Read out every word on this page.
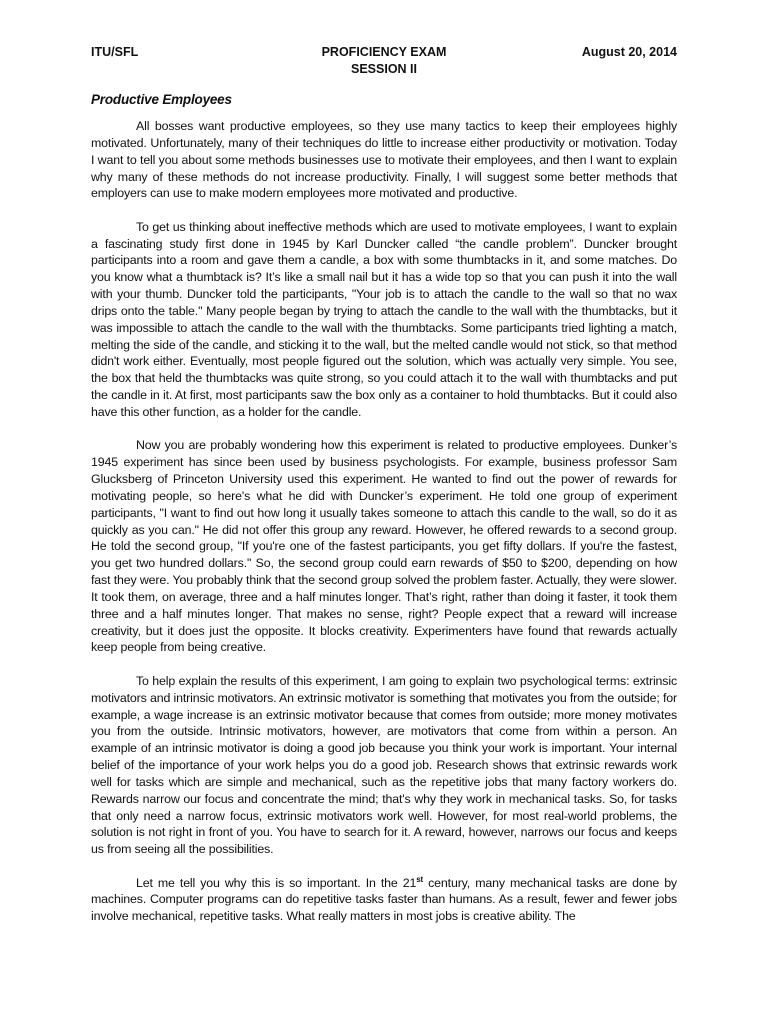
ITU/SFL	PROFICIENCY EXAM
SESSION II
August 20, 2014
Productive Employees

All bosses want productive employees, so they use many tactics to keep their employees highly motivated. Unfortunately, many of their techniques do little to increase either productivity or motivation. Today I want to tell you about some methods businesses use to motivate their employees, and then I want to explain why many of these methods do not increase productivity. Finally, I will suggest some better methods that employers can use to make modern employees more motivated and productive.

To get us thinking about ineffective methods which are used to motivate employees, I want to explain a fascinating study first done in 1945 by Karl Duncker called “the candle problem”. Duncker brought participants into a room and gave them a candle, a box with some thumbtacks in it, and some matches. Do you know what a thumbtack is? It’s like a small nail but it has a wide top so that you can push it into the wall with your thumb. Duncker told the participants, "Your job is to attach the candle to the wall so that no wax drips onto the table." Many people began by trying to attach the candle to the wall with the thumbtacks, but it was impossible to attach the candle to the wall with the thumbtacks. Some participants tried lighting a match, melting the side of the candle, and sticking it to the wall, but the melted candle would not stick, so that method didn't work either. Eventually, most people figured out the solution, which was actually very simple. You see, the box that held the thumbtacks was quite strong, so you could attach it to the wall with thumbtacks and put the candle in it. At first, most participants saw the box only as a container to hold thumbtacks. But it could also have this other function, as a holder for the candle.

Now you are probably wondering how this experiment is related to productive employees. Dunker’s 1945 experiment has since been used by business psychologists. For example, business professor Sam Glucksberg of Princeton University used this experiment. He wanted to find out the power of rewards for motivating people, so here's what he did with Duncker’s experiment. He told one group of experiment participants, "I want to find out how long it usually takes someone to attach this candle to the wall, so do it as quickly as you can." He did not offer this group any reward. However, he offered rewards to a second group. He told the second group, "If you're one of the fastest participants, you get fifty dollars. If you're the fastest, you get two hundred dollars." So, the second group could earn rewards of $50 to $200, depending on how fast they were. You probably think that the second group solved the problem faster. Actually, they were slower. It took them, on average, three and a half minutes longer. That’s right, rather than doing it faster, it took them three and a half minutes longer. That makes no sense, right? People expect that a reward will increase creativity, but it does just the opposite. It blocks creativity. Experimenters have found that rewards actually keep people from being creative.

To help explain the results of this experiment, I am going to explain two psychological terms: extrinsic motivators and intrinsic motivators. An extrinsic motivator is something that motivates you from the outside; for example, a wage increase is an extrinsic motivator because that comes from outside; more money motivates you from the outside. Intrinsic motivators, however, are motivators that come from within a person. An example of an intrinsic motivator is doing a good job because you think your work is important. Your internal belief of the importance of your work helps you do a good job. Research shows that extrinsic rewards work well for tasks which are simple and mechanical, such as the repetitive jobs that many factory workers do. Rewards narrow our focus and concentrate the mind; that's why they work in mechanical tasks. So, for tasks that only need a narrow focus, extrinsic motivators work well. However, for most real-world problems, the solution is not right in front of you. You have to search for it. A reward, however, narrows our focus and keeps us from seeing all the possibilities.

Let me tell you why this is so important. In the 21st century, many mechanical tasks are done by machines. Computer programs can do repetitive tasks faster than humans. As a result, fewer and fewer jobs involve mechanical, repetitive tasks. What really matters in most jobs is creative ability. The
